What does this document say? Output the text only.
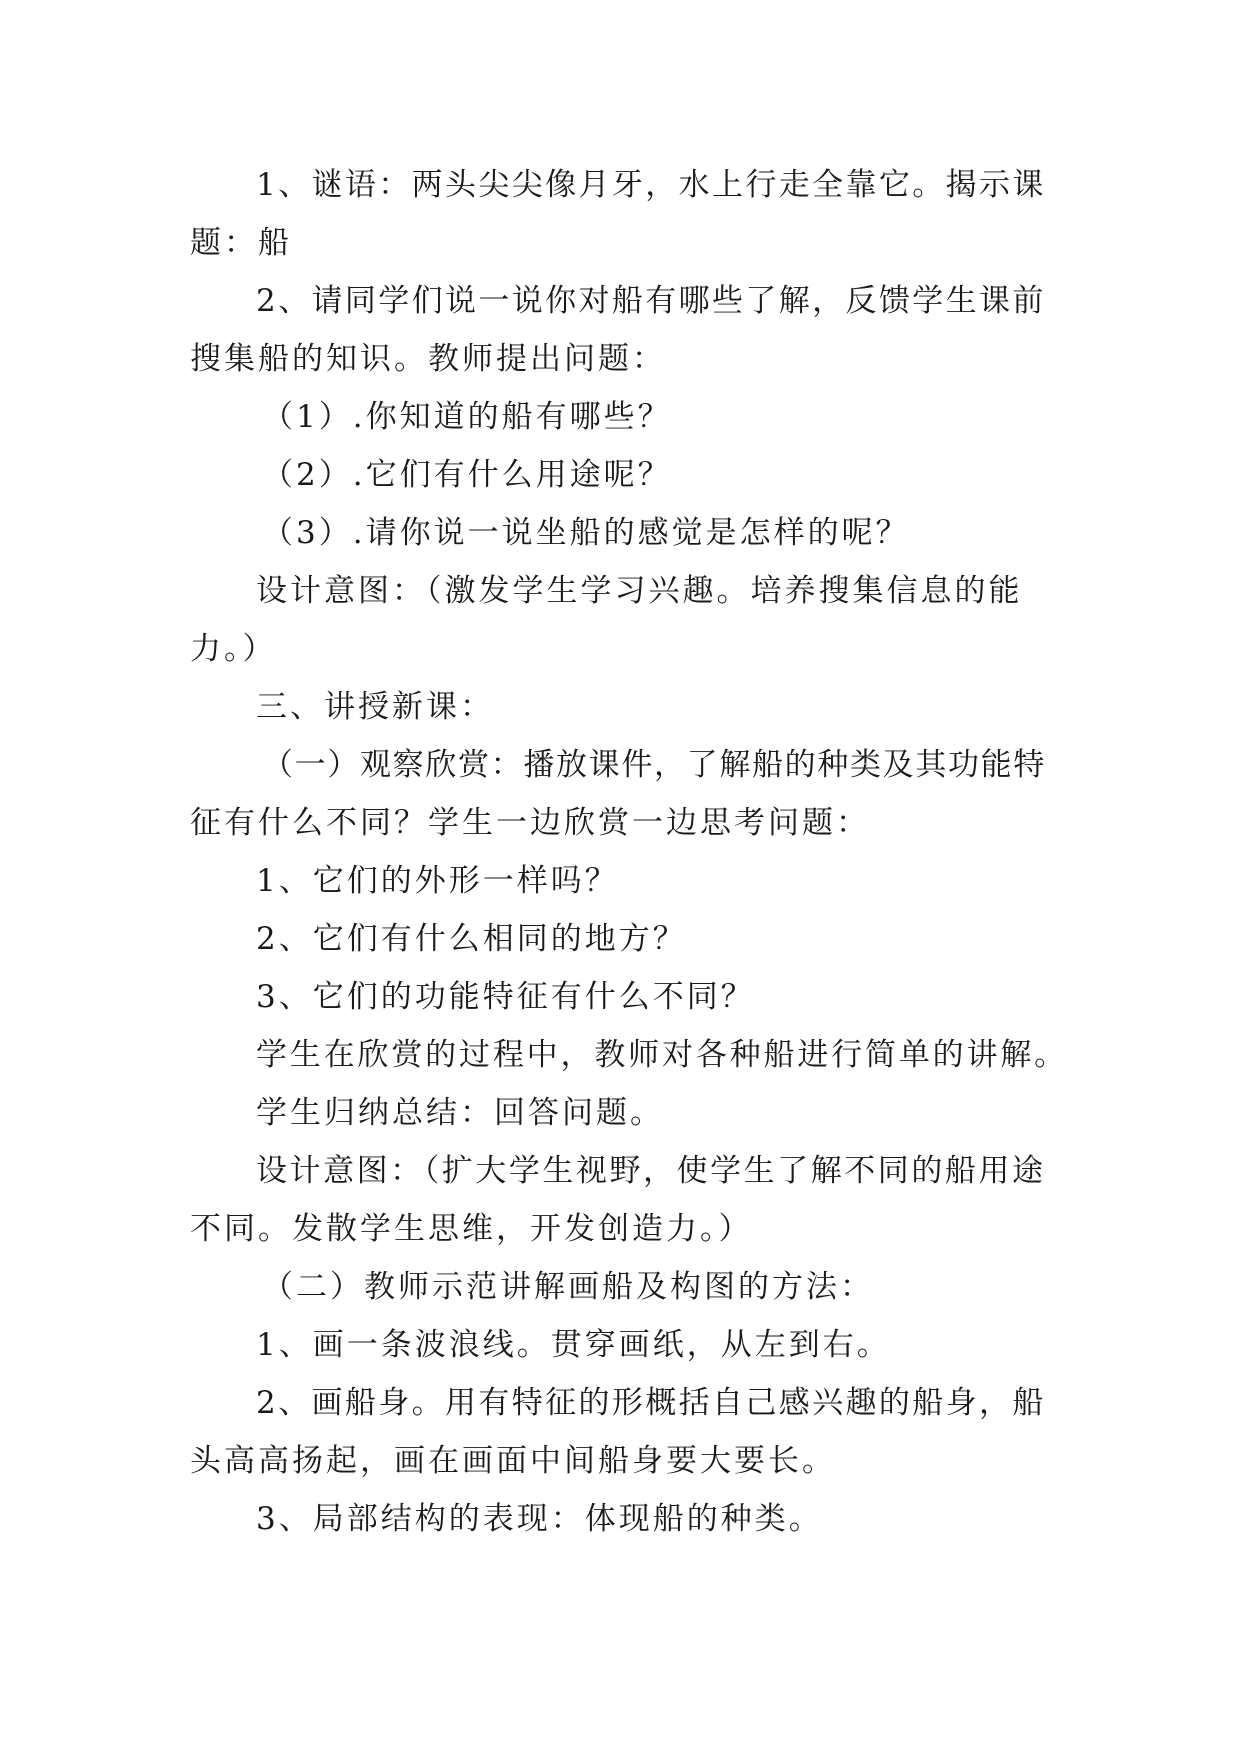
1、谜语：两头尖尖像月牙，水上行走全靠它。揭示课
题：船
2、请同学们说一说你对船有哪些了解，反馈学生课前
搜集船的知识。教师提出问题：
（1）.你知道的船有哪些？
（2）.它们有什么用途呢？
（3）.请你说一说坐船的感觉是怎样的呢？
设计意图：（激发学生学习兴趣。培养搜集信息的能
力。）
三、讲授新课：
（一）观察欣赏：播放课件，了解船的种类及其功能特
征有什么不同？学生一边欣赏一边思考问题：
1、它们的外形一样吗？
2、它们有什么相同的地方？
3、它们的功能特征有什么不同？
学生在欣赏的过程中，教师对各种船进行简单的讲解。
学生归纳总结：回答问题。
设计意图：（扩大学生视野，使学生了解不同的船用途
不同。发散学生思维，开发创造力。）
（二）教师示范讲解画船及构图的方法：
1、画一条波浪线。贯穿画纸，从左到右。
2、画船身。用有特征的形概括自己感兴趣的船身，船
头高高扬起，画在画面中间船身要大要长。
3、局部结构的表现：体现船的种类。
